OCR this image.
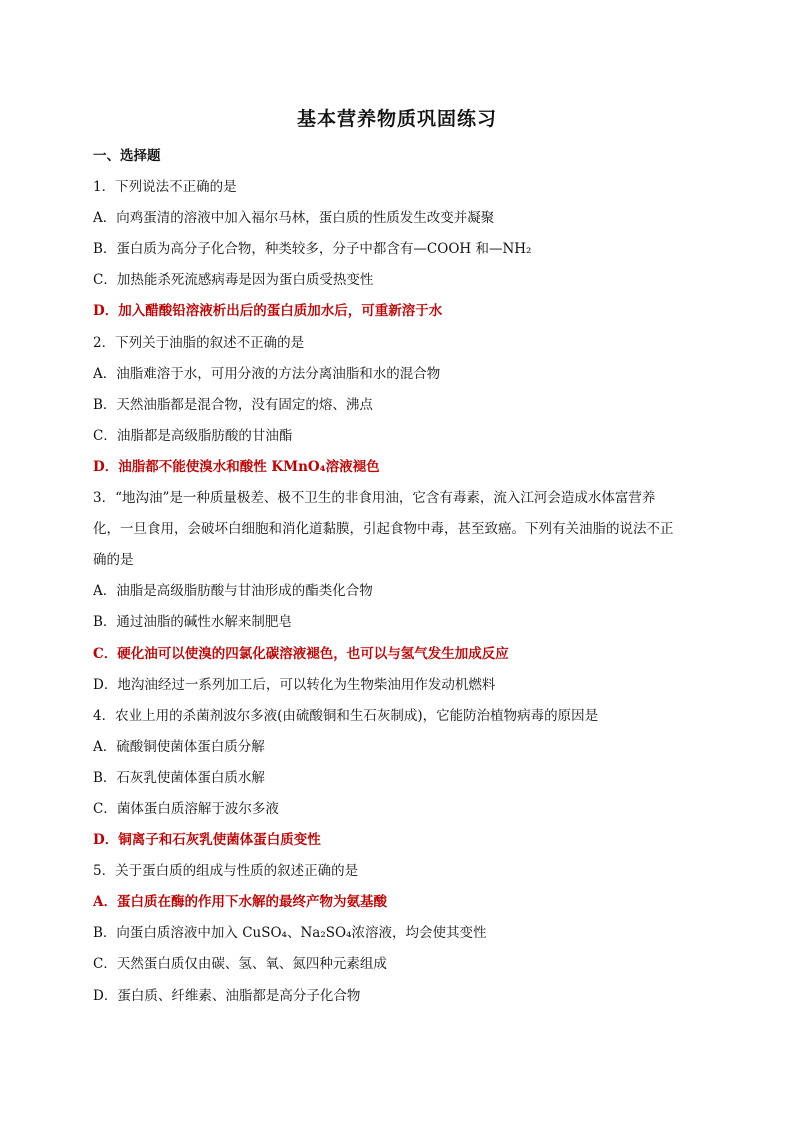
基本营养物质巩固练习
一、选择题
1．下列说法不正确的是
A．向鸡蛋清的溶液中加入福尔马林，蛋白质的性质发生改变并凝聚
B．蛋白质为高分子化合物，种类较多，分子中都含有—COOH 和—NH₂
C．加热能杀死流感病毒是因为蛋白质受热变性
D．加入醋酸铅溶液析出后的蛋白质加水后，可重新溶于水
2．下列关于油脂的叙述不正确的是
A．油脂难溶于水，可用分液的方法分离油脂和水的混合物
B．天然油脂都是混合物，没有固定的熔、沸点
C．油脂都是高级脂肪酸的甘油酯
D．油脂都不能使溴水和酸性 KMnO₄溶液褪色
3．“地沟油”是一种质量极差、极不卫生的非食用油，它含有毒素，流入江河会造成水体富营养
化，一旦食用，会破坏白细胞和消化道黏膜，引起食物中毒，甚至致癌。下列有关油脂的说法不正
确的是
A．油脂是高级脂肪酸与甘油形成的酯类化合物
B．通过油脂的碱性水解来制肥皂
C．硬化油可以使溴的四氯化碳溶液褪色，也可以与氢气发生加成反应
D．地沟油经过一系列加工后，可以转化为生物柴油用作发动机燃料
4．农业上用的杀菌剂波尔多液(由硫酸铜和生石灰制成)，它能防治植物病毒的原因是
A．硫酸铜使菌体蛋白质分解
B．石灰乳使菌体蛋白质水解
C．菌体蛋白质溶解于波尔多液
D．铜离子和石灰乳使菌体蛋白质变性
5．关于蛋白质的组成与性质的叙述正确的是
A．蛋白质在酶的作用下水解的最终产物为氨基酸
B．向蛋白质溶液中加入 CuSO₄、Na₂SO₄浓溶液，均会使其变性
C．天然蛋白质仅由碳、氢、氧、氮四种元素组成
D．蛋白质、纤维素、油脂都是高分子化合物
